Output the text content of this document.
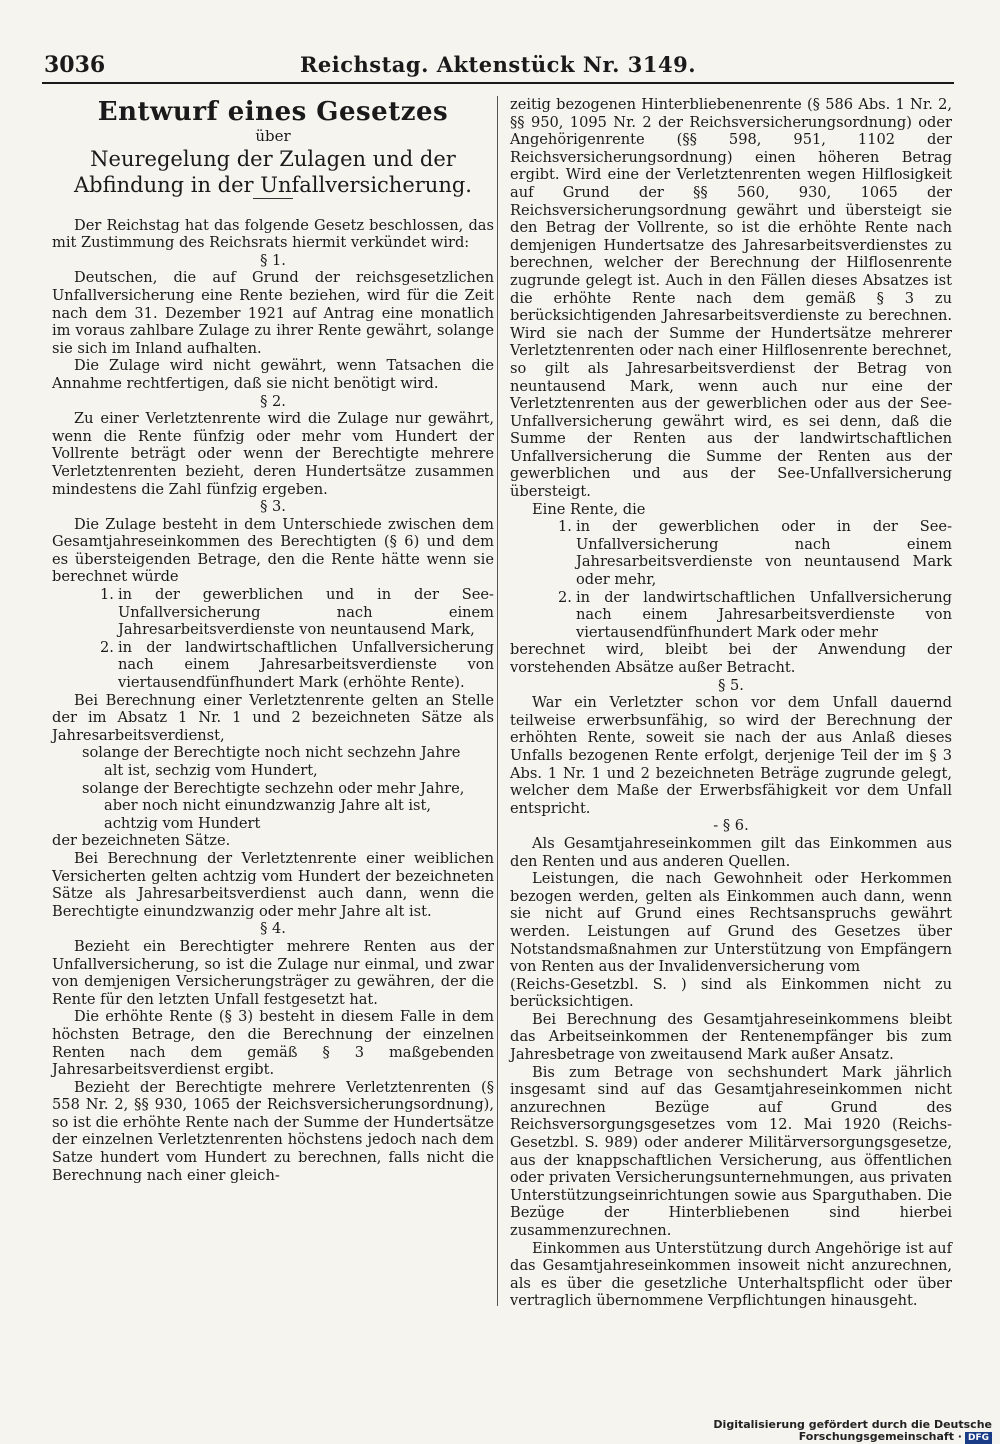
3036	Reichstag. Aktenstück Nr. 3149.

Entwurf eines Gesetzes

über

Neuregelung der Zulagen und der Abfindung in der Unfallversicherung.

Der Reichstag hat das folgende Gesetz beschlossen, das mit Zustimmung des Reichsrats hiermit verkündet wird:

§ 1.

Deutschen, die auf Grund der reichsgesetzlichen Unfallversicherung eine Rente beziehen, wird für die Zeit nach dem 31. Dezember 1921 auf Antrag eine monatlich im voraus zahlbare Zulage zu ihrer Rente gewährt, solange sie sich im Inland aufhalten.

Die Zulage wird nicht gewährt, wenn Tatsachen die Annahme rechtfertigen, daß sie nicht benötigt wird.

§ 2.

Zu einer Verletztenrente wird die Zulage nur gewährt, wenn die Rente fünfzig oder mehr vom Hundert der Vollrente beträgt oder wenn der Berechtigte mehrere Verletztenrenten bezieht, deren Hundertsätze zusammen mindestens die Zahl fünfzig ergeben.

§ 3.

Die Zulage besteht in dem Unterschiede zwischen dem Gesamtjahreseinkommen des Berechtigten (§ 6) und dem es übersteigenden Betrage, den die Rente hätte wenn sie berechnet würde

1. in der gewerblichen und in der See-Unfallversicherung nach einem Jahresarbeitsverdienste von neuntausend Mark,
2. in der landwirtschaftlichen Unfallversicherung nach einem Jahresarbeitsverdienste von viertausendfünfhundert Mark (erhöhte Rente).

Bei Berechnung einer Verletztenrente gelten an Stelle der im Absatz 1 Nr. 1 und 2 bezeichneten Sätze als Jahresarbeitsverdienst,

solange der Berechtigte noch nicht sechzehn Jahre

alt ist, sechzig vom Hundert,

solange der Berechtigte sechzehn oder mehr Jahre,

aber noch nicht einundzwanzig Jahre alt ist,

achtzig vom Hundert

der bezeichneten Sätze.

Bei Berechnung der Verletztenrente einer weiblichen Versicherten gelten achtzig vom Hundert der bezeichneten Sätze als Jahresarbeitsverdienst auch dann, wenn die Berechtigte einundzwanzig oder mehr Jahre alt ist.

§ 4.

Bezieht ein Berechtigter mehrere Renten aus der Unfallversicherung, so ist die Zulage nur einmal, und zwar von demjenigen Versicherungsträger zu gewähren, der die Rente für den letzten Unfall festgesetzt hat.

Die erhöhte Rente (§ 3) besteht in diesem Falle in dem höchsten Betrage, den die Berechnung der einzelnen Renten nach dem gemäß § 3 maßgebenden Jahresarbeitsverdienst ergibt.

Bezieht der Berechtigte mehrere Verletztenrenten (§ 558 Nr. 2, §§ 930, 1065 der Reichsversicherungsordnung), so ist die erhöhte Rente nach der Summe der Hundertsätze der einzelnen Verletztenrenten höchstens jedoch nach dem Satze hundert vom Hundert zu berechnen, falls nicht die Berechnung nach einer gleich-

zeitig bezogenen Hinterbliebenenrente (§ 586 Abs. 1 Nr. 2, §§ 950, 1095 Nr. 2 der Reichsversicherungsordnung) oder Angehörigenrente (§§ 598, 951, 1102 der Reichsversicherungsordnung) einen höheren Betrag ergibt. Wird eine der Verletztenrenten wegen Hilflosigkeit auf Grund der §§ 560, 930, 1065 der Reichsversicherungsordnung gewährt und übersteigt sie den Betrag der Vollrente, so ist die erhöhte Rente nach demjenigen Hundertsatze des Jahresarbeitsverdienstes zu berechnen, welcher der Berechnung der Hilflosenrente zugrunde gelegt ist. Auch in den Fällen dieses Absatzes ist die erhöhte Rente nach dem gemäß § 3 zu berücksichtigenden Jahresarbeitsverdienste zu berechnen. Wird sie nach der Summe der Hundertsätze mehrerer Verletztenrenten oder nach einer Hilflosenrente berechnet, so gilt als Jahresarbeitsverdienst der Betrag von neuntausend Mark, wenn auch nur eine der Verletztenrenten aus der gewerblichen oder aus der See-Unfallversicherung gewährt wird, es sei denn, daß die Summe der Renten aus der landwirtschaftlichen Unfallversicherung die Summe der Renten aus der gewerblichen und aus der See-Unfallversicherung übersteigt.

Eine Rente, die

1. in der gewerblichen oder in der See-Unfallversicherung nach einem Jahresarbeitsverdienste von neuntausend Mark oder mehr,
2. in der landwirtschaftlichen Unfallversicherung nach einem Jahresarbeitsverdienste von viertausendfünfhundert Mark oder mehr

berechnet wird, bleibt bei der Anwendung der vorstehenden Absätze außer Betracht.

§ 5.

War ein Verletzter schon vor dem Unfall dauernd teilweise erwerbsunfähig, so wird der Berechnung der erhöhten Rente, soweit sie nach der aus Anlaß dieses Unfalls bezogenen Rente erfolgt, derjenige Teil der im § 3 Abs. 1 Nr. 1 und 2 bezeichneten Beträge zugrunde gelegt, welcher dem Maße der Erwerbsfähigkeit vor dem Unfall entspricht.

- § 6.

Als Gesamtjahreseinkommen gilt das Einkommen aus den Renten und aus anderen Quellen.

Leistungen, die nach Gewohnheit oder Herkommen bezogen werden, gelten als Einkommen auch dann, wenn sie nicht auf Grund eines Rechtsanspruchs gewährt werden. Leistungen auf Grund des Gesetzes über Notstandsmaßnahmen zur Unterstützung von Empfängern von Renten aus der Invalidenversicherung vom

(Reichs-Gesetzbl. S. ) sind als Einkommen nicht zu berücksichtigen.

Bei Berechnung des Gesamtjahreseinkommens bleibt das Arbeitseinkommen der Rentenempfänger bis zum Jahresbetrage von zweitausend Mark außer Ansatz.

Bis zum Betrage von sechshundert Mark jährlich insgesamt sind auf das Gesamtjahreseinkommen nicht anzurechnen Bezüge auf Grund des Reichsversorgungsgesetzes vom 12. Mai 1920 (Reichs-Gesetzbl. S. 989) oder anderer Militärversorgungsgesetze, aus der knappschaftlichen Versicherung, aus öffentlichen oder privaten Versicherungsunternehmungen, aus privaten Unterstützungseinrichtungen sowie aus Sparguthaben. Die Bezüge der Hinterbliebenen sind hierbei zusammenzurechnen.

Einkommen aus Unterstützung durch Angehörige ist auf das Gesamtjahreseinkommen insoweit nicht anzurechnen, als es über die gesetzliche Unterhaltspflicht oder über vertraglich übernommene Verpflichtungen hinausgeht.

Digitalisierung gefördert durch die Deutsche Forschungsgemeinschaft · DFG
